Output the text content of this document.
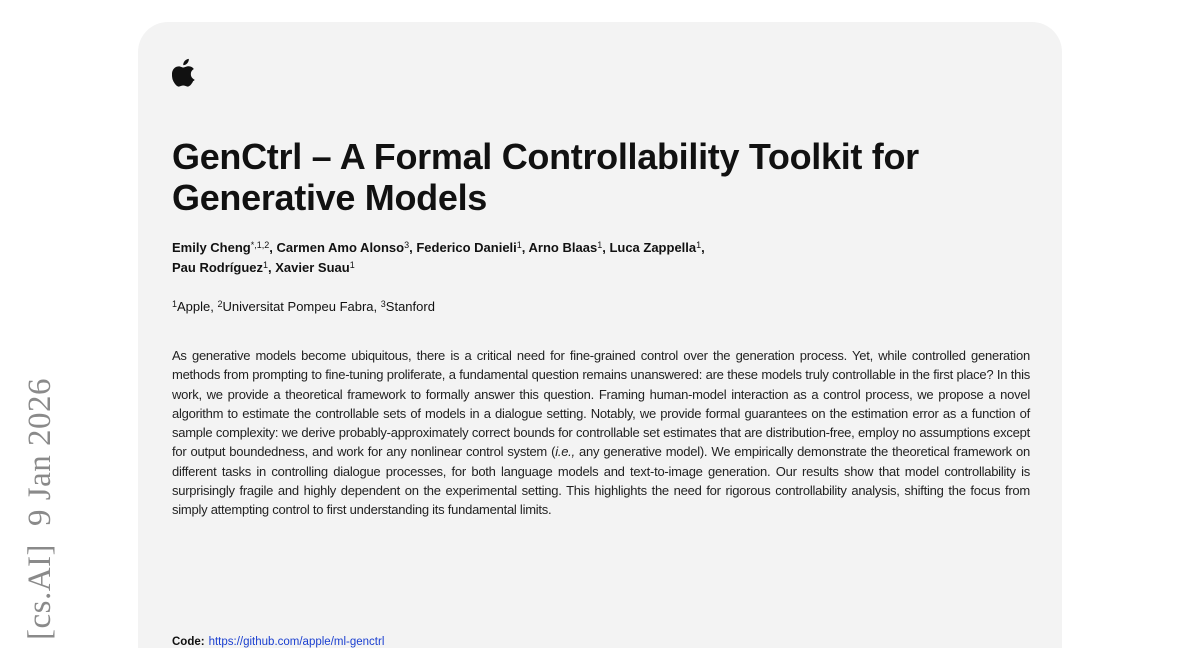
[cs.AI]9 Jan 2026
GenCtrl – A Formal Controllability Toolkit for Generative Models
Emily Cheng$^{*,1,2}$, Carmen Amo Alonso$^3$, Federico Danieli$^1$, Arno Blaas$^1$, Luca Zappella$^1$,
Pau Rodríguez$^1$, Xavier Suau$^1$
$^1$Apple, $^2$Universitat Pompeu Fabra, $^3$Stanford

As generative models become ubiquitous, there is a critical need for fine-grained control over the generation process. Yet, while controlled generation methods from prompting to fine-tuning proliferate, a fundamental question remains unanswered: are these models truly controllable in the first place? In this work, we provide a theoretical framework to formally answer this question. Framing human-model interaction as a control process, we propose a novel algorithm to estimate the controllable sets of models in a dialogue setting. Notably, we provide formal guarantees on the estimation error as a function of sample complexity: we derive probably-approximately correct bounds for controllable set estimates that are distribution-free, employ no assumptions except for output boundedness, and work for any nonlinear control system (i.e., any generative model). We empirically demonstrate the theoretical framework on different tasks in controlling dialogue processes, for both language models and text-to-image generation. Our results show that model controllability is surprisingly fragile and highly dependent on the experimental setting. This highlights the need for rigorous controllability analysis, shifting the focus from simply attempting control to first understanding its fundamental limits.

Code: https://github.com/apple/ml-genctrl
